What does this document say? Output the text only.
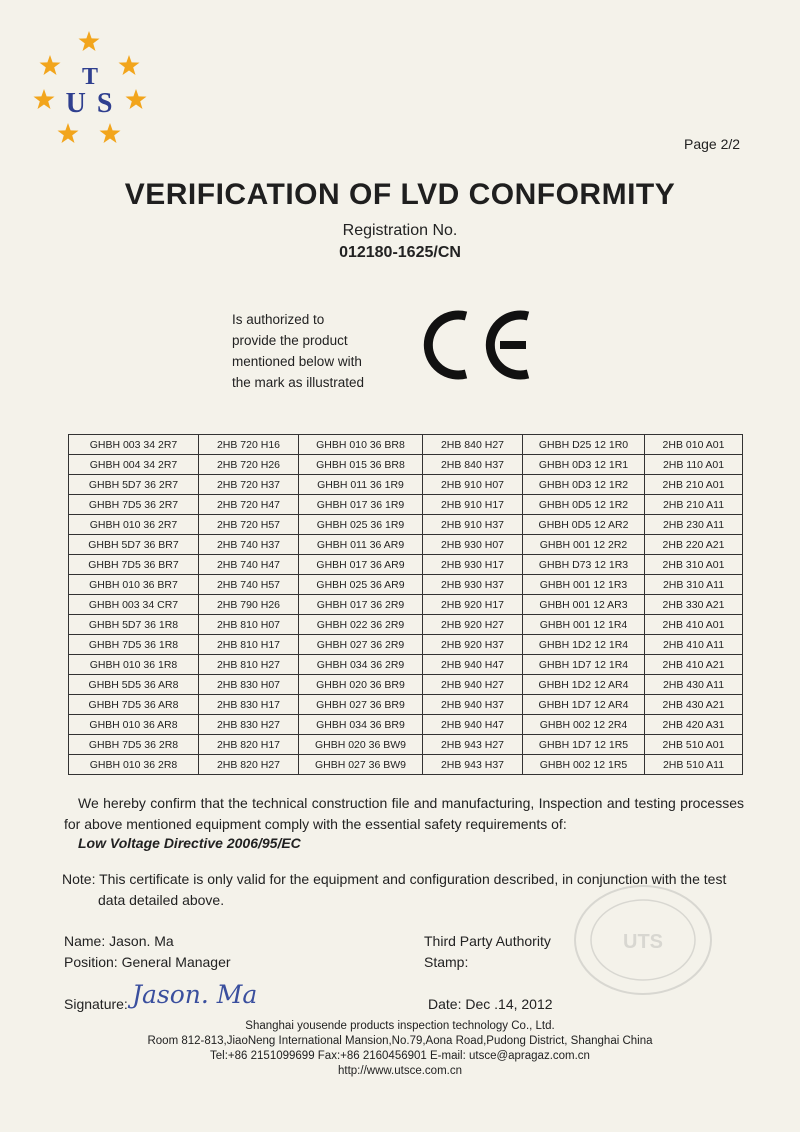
T
U S
Page 2/2
VERIFICATION OF LVD CONFORMITY
Registration No.
012180-1625/CN
Is authorized to
provide the product
mentioned below with
the mark as illustrated
GHBH 003 34 2R7	2HB 720 H16	GHBH 010 36 BR8	2HB 840 H27	GHBH D25 12 1R0	2HB 010 A01
GHBH 004 34 2R7	2HB 720 H26	GHBH 015 36 BR8	2HB 840 H37	GHBH 0D3 12 1R1	2HB 110 A01
GHBH 5D7 36 2R7	2HB 720 H37	GHBH 011 36 1R9	2HB 910 H07	GHBH 0D3 12 1R2	2HB 210 A01
GHBH 7D5 36 2R7	2HB 720 H47	GHBH 017 36 1R9	2HB 910 H17	GHBH 0D5 12 1R2	2HB 210 A11
GHBH 010 36 2R7	2HB 720 H57	GHBH 025 36 1R9	2HB 910 H37	GHBH 0D5 12 AR2	2HB 230 A11
GHBH 5D7 36 BR7	2HB 740 H37	GHBH 011 36 AR9	2HB 930 H07	GHBH 001 12 2R2	2HB 220 A21
GHBH 7D5 36 BR7	2HB 740 H47	GHBH 017 36 AR9	2HB 930 H17	GHBH D73 12 1R3	2HB 310 A01
GHBH 010 36 BR7	2HB 740 H57	GHBH 025 36 AR9	2HB 930 H37	GHBH 001 12 1R3	2HB 310 A11
GHBH 003 34 CR7	2HB 790 H26	GHBH 017 36 2R9	2HB 920 H17	GHBH 001 12 AR3	2HB 330 A21
GHBH 5D7 36 1R8	2HB 810 H07	GHBH 022 36 2R9	2HB 920 H27	GHBH 001 12 1R4	2HB 410 A01
GHBH 7D5 36 1R8	2HB 810 H17	GHBH 027 36 2R9	2HB 920 H37	GHBH 1D2 12 1R4	2HB 410 A11
GHBH 010 36 1R8	2HB 810 H27	GHBH 034 36 2R9	2HB 940 H47	GHBH 1D7 12 1R4	2HB 410 A21
GHBH 5D5 36 AR8	2HB 830 H07	GHBH 020 36 BR9	2HB 940 H27	GHBH 1D2 12 AR4	2HB 430 A11
GHBH 7D5 36 AR8	2HB 830 H17	GHBH 027 36 BR9	2HB 940 H37	GHBH 1D7 12 AR4	2HB 430 A21
GHBH 010 36 AR8	2HB 830 H27	GHBH 034 36 BR9	2HB 940 H47	GHBH 002 12 2R4	2HB 420 A31
GHBH 7D5 36 2R8	2HB 820 H17	GHBH 020 36 BW9	2HB 943 H27	GHBH 1D7 12 1R5	2HB 510 A01
GHBH 010 36 2R8	2HB 820 H27	GHBH 027 36 BW9	2HB 943 H37	GHBH 002 12 1R5	2HB 510 A11
We hereby confirm that the technical construction file and manufacturing, Inspection and testing processes for above mentioned equipment comply with the essential safety requirements of:
Low Voltage Directive 2006/95/EC
Note: This certificate is only valid for the equipment and configuration described, in conjunction with the test
data detailed above.
Name: Jason. Ma
Position: General Manager
Third Party Authority
Stamp:
Signature: Jason. Ma	Date: Dec .14, 2012
UTS
Shanghai yousende products inspection technology Co., Ltd.
Room 812-813,JiaoNeng International Mansion,No.79,Aona Road,Pudong District, Shanghai China
Tel:+86 2151099699 Fax:+86 2160456901 E-mail: utsce@apragaz.com.cn
http://www.utsce.com.cn
